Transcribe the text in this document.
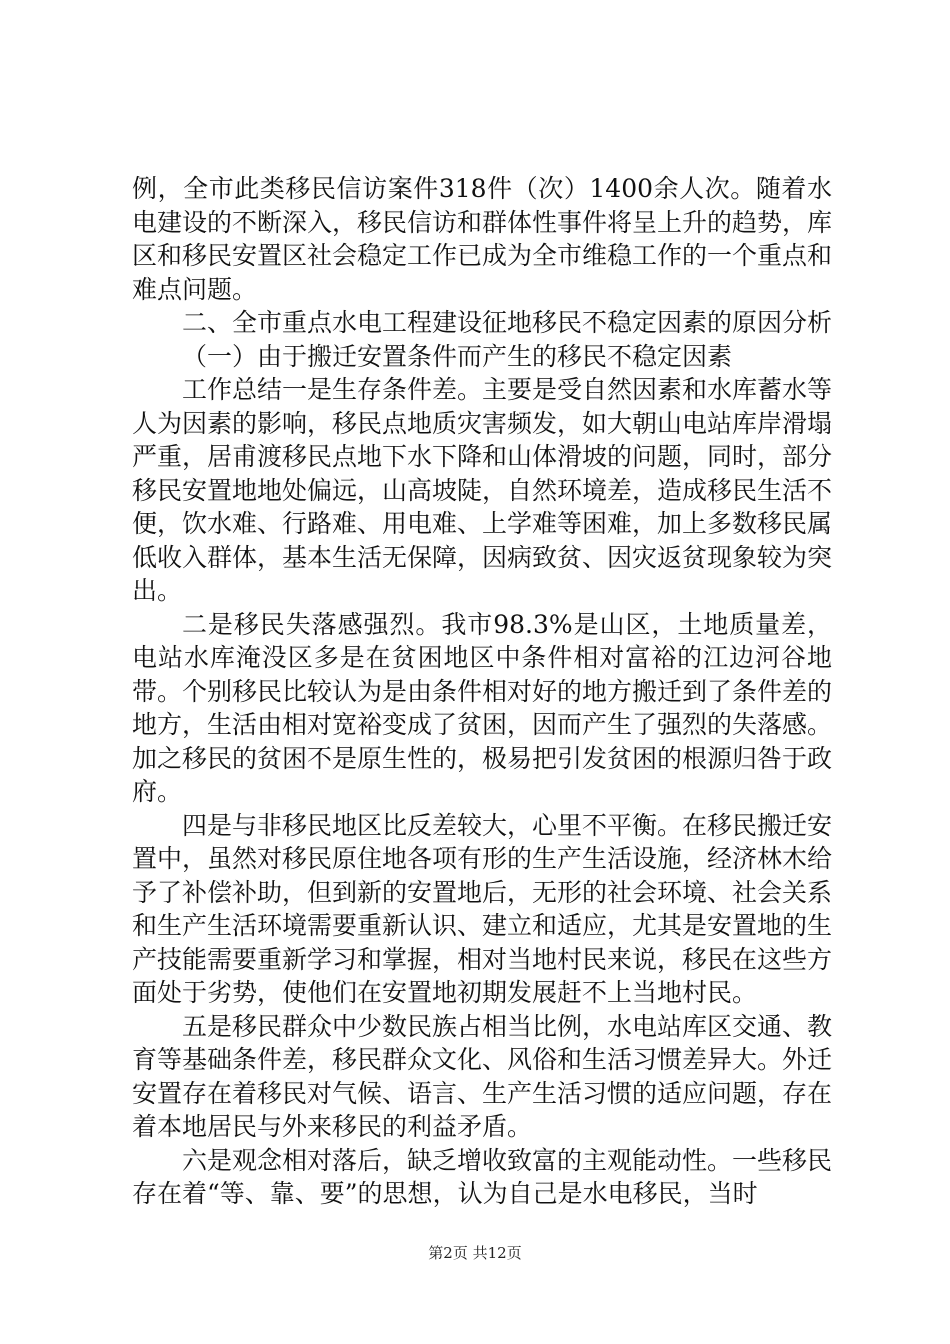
例，全市此类移民信访案件318件（次）1400余人次。随着水电建设的不断深入，移民信访和群体性事件将呈上升的趋势，库区和移民安置区社会稳定工作已成为全市维稳工作的一个重点和难点问题。

二、全市重点水电工程建设征地移民不稳定因素的原因分析

（一）由于搬迁安置条件而产生的移民不稳定因素

工作总结一是生存条件差。主要是受自然因素和水库蓄水等人为因素的影响，移民点地质灾害频发，如大朝山电站库岸滑塌严重，居甫渡移民点地下水下降和山体滑坡的问题，同时，部分移民安置地地处偏远，山高坡陡，自然环境差，造成移民生活不便，饮水难、行路难、用电难、上学难等困难，加上多数移民属低收入群体，基本生活无保障，因病致贫、因灾返贫现象较为突出。

二是移民失落感强烈。我市98.3%是山区，土地质量差，电站水库淹没区多是在贫困地区中条件相对富裕的江边河谷地带。个别移民比较认为是由条件相对好的地方搬迁到了条件差的地方，生活由相对宽裕变成了贫困，因而产生了强烈的失落感。加之移民的贫困不是原生性的，极易把引发贫困的根源归咎于政府。

四是与非移民地区比反差较大，心里不平衡。在移民搬迁安置中，虽然对移民原住地各项有形的生产生活设施，经济林木给予了补偿补助，但到新的安置地后，无形的社会环境、社会关系和生产生活环境需要重新认识、建立和适应，尤其是安置地的生产技能需要重新学习和掌握，相对当地村民来说，移民在这些方面处于劣势，使他们在安置地初期发展赶不上当地村民。

五是移民群众中少数民族占相当比例，水电站库区交通、教育等基础条件差，移民群众文化、风俗和生活习惯差异大。外迁安置存在着移民对气候、语言、生产生活习惯的适应问题，存在着本地居民与外来移民的利益矛盾。

六是观念相对落后，缺乏增收致富的主观能动性。一些移民存在着“等、靠、要”的思想，认为自己是水电移民，当时

第2页 共12页
